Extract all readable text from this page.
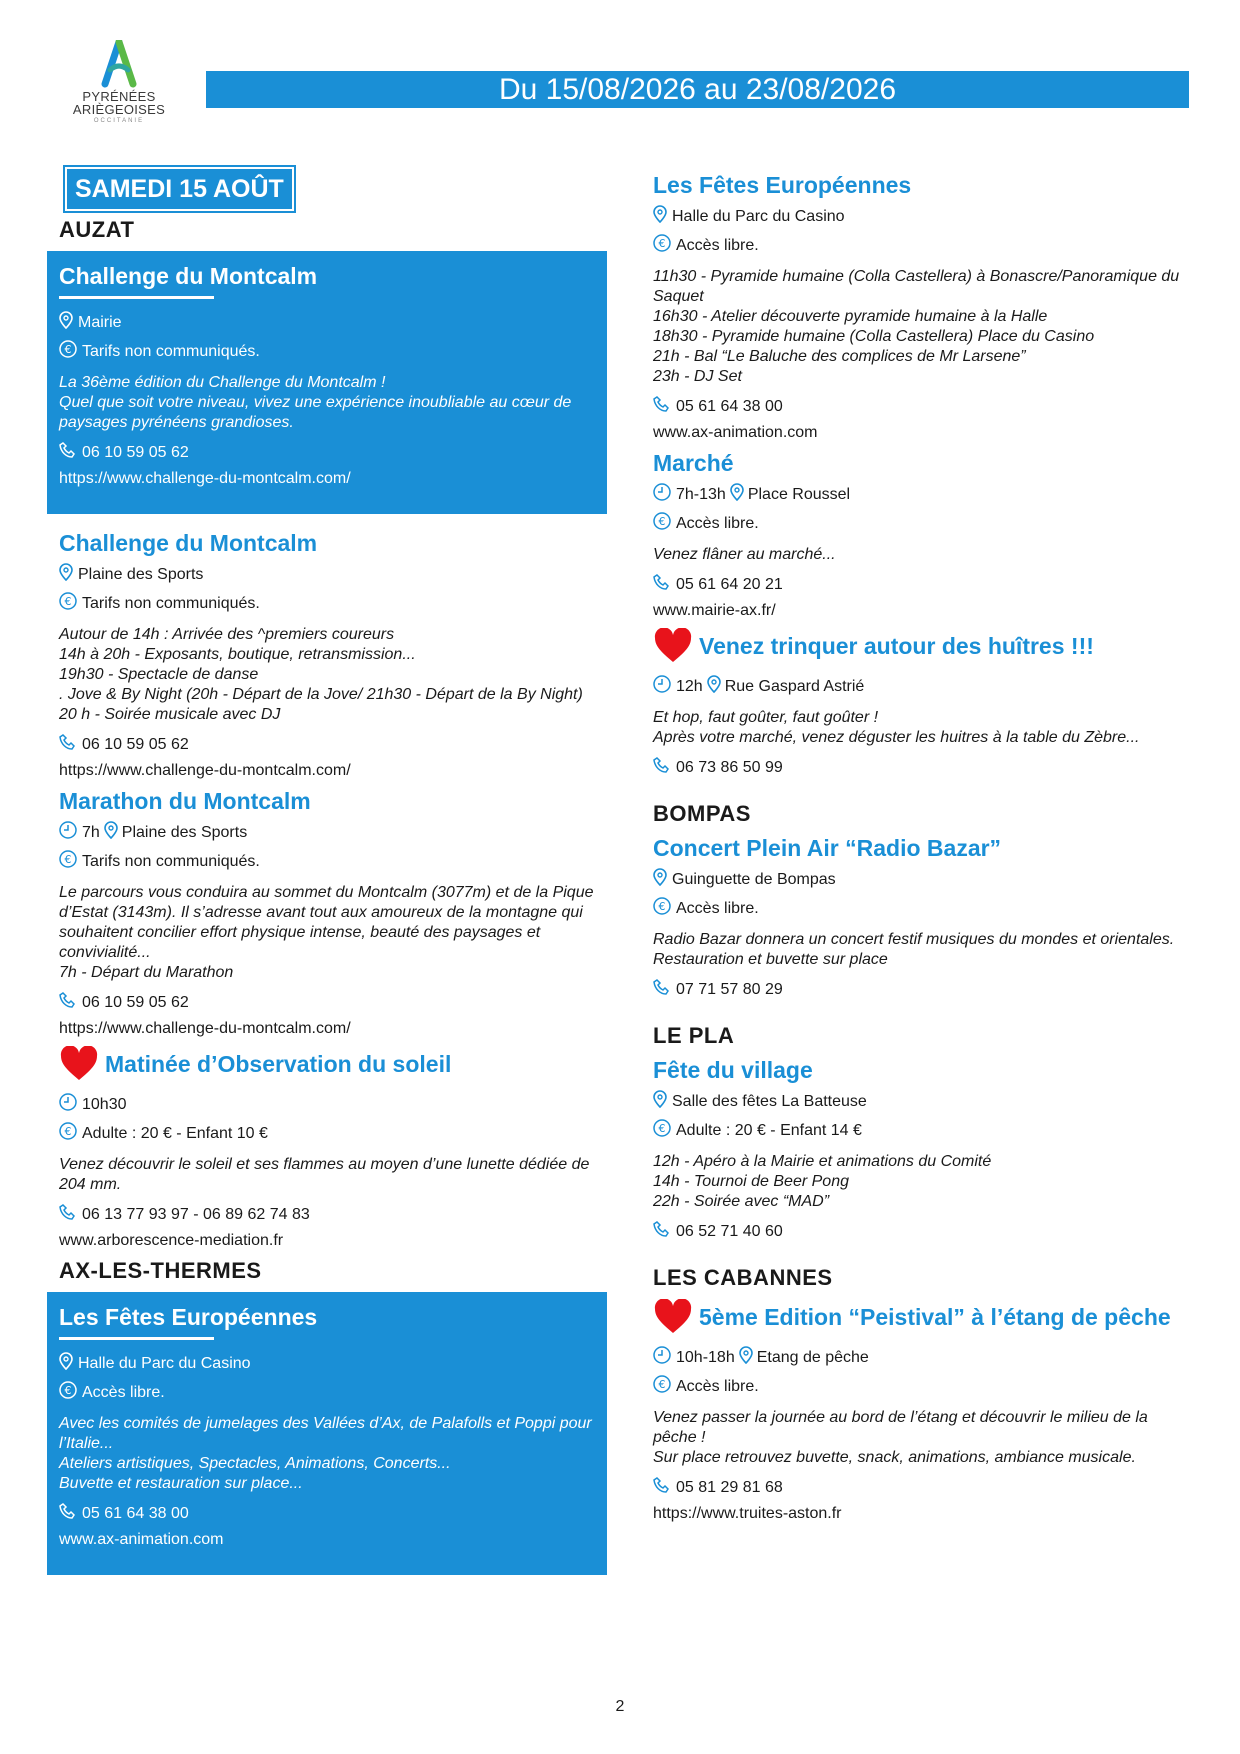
PYRÉNÉES
ARIÈGEOISES
OCCITANIE
Du 15/08/2026 au 23/08/2026
SAMEDI 15 AOÛT
AUZAT
Challenge du Montcalm
Mairie
€ Tarifs non communiqués.
La 36ème édition du Challenge du Montcalm !
Quel que soit votre niveau, vivez une expérience inoubliable au cœur de paysages pyrénéens grandioses.
06 10 59 05 62
https://www.challenge-du-montcalm.com/
Challenge du Montcalm
Plaine des Sports
€ Tarifs non communiqués.
Autour de 14h : Arrivée des ^premiers coureurs
14h à 20h - Exposants, boutique, retransmission...
19h30 - Spectacle de danse
. Jove & By Night (20h - Départ de la Jove/ 21h30 - Départ de la By Night)
20 h - Soirée musicale avec DJ
06 10 59 05 62
https://www.challenge-du-montcalm.com/
Marathon du Montcalm
7h Plaine des Sports
€ Tarifs non communiqués.
Le parcours vous conduira au sommet du Montcalm (3077m) et de la Pique d’Estat (3143m). Il s’adresse avant tout aux amoureux de la montagne qui souhaitent concilier effort physique intense, beauté des paysages et convivialité...
7h - Départ du Marathon
06 10 59 05 62
https://www.challenge-du-montcalm.com/
Matinée d’Observation du soleil
10h30
€ Adulte : 20 € - Enfant 10 €
Venez découvrir le soleil et ses flammes au moyen d’une lunette dédiée de 204 mm.
06 13 77 93 97 - 06 89 62 74 83
www.arborescence-mediation.fr
AX-LES-THERMES
Les Fêtes Européennes
Halle du Parc du Casino
€ Accès libre.
Avec les comités de jumelages des Vallées d’Ax, de Palafolls et Poppi pour l’Italie...
Ateliers artistiques, Spectacles, Animations, Concerts...
Buvette et restauration sur place...
05 61 64 38 00
www.ax-animation.com
Les Fêtes Européennes
Halle du Parc du Casino
€ Accès libre.
11h30 - Pyramide humaine (Colla Castellera) à Bonascre/Panoramique du Saquet
16h30 - Atelier découverte pyramide humaine à la Halle
18h30 - Pyramide humaine (Colla Castellera) Place du Casino
21h - Bal “Le Baluche des complices de Mr Larsene”
23h - DJ Set
05 61 64 38 00
www.ax-animation.com
Marché
7h-13h Place Roussel
€ Accès libre.
Venez flâner au marché...
05 61 64 20 21
www.mairie-ax.fr/
Venez trinquer autour des huîtres !!!
12h Rue Gaspard Astrié
Et hop, faut goûter, faut goûter !
Après votre marché, venez déguster les huitres à la table du Zèbre...
06 73 86 50 99
BOMPAS
Concert Plein Air “Radio Bazar”
Guinguette de Bompas
€ Accès libre.
Radio Bazar donnera un concert festif musiques du mondes et orientales.
Restauration et buvette sur place
07 71 57 80 29
LE PLA
Fête du village
Salle des fêtes La Batteuse
€ Adulte : 20 € - Enfant 14 €
12h - Apéro à la Mairie et animations du Comité
14h - Tournoi de Beer Pong
22h - Soirée avec “MAD”
06 52 71 40 60
LES CABANNES
5ème Edition “Peistival” à l’étang de pêche
10h-18h Etang de pêche
€ Accès libre.
Venez passer la journée au bord de l’étang et découvrir le milieu de la pêche !
Sur place retrouvez buvette, snack, animations, ambiance musicale.
05 81 29 81 68
https://www.truites-aston.fr
2
